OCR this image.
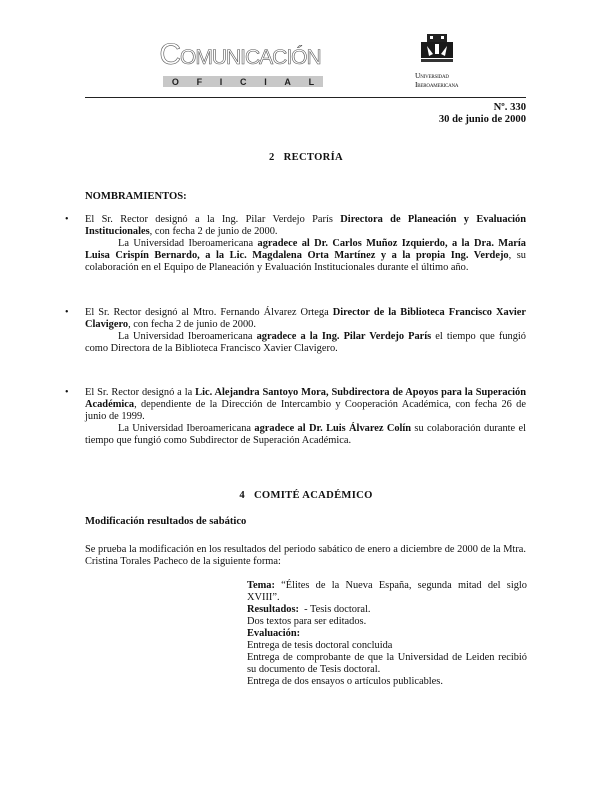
Comunicación
O F I C I A L
Universidad
Iberoamericana
Nº. 330
30 de junio de 2000
2 RECTORÍA
NOMBRAMIENTOS:
• El Sr. Rector designó a la Ing. Pilar Verdejo París Directora de Planeación y Evaluación Institucionales, con fecha 2 de junio de 2000.

La Universidad Iberoamericana agradece al Dr. Carlos Muñoz Izquierdo, a la Dra. María Luisa Crispín Bernardo, a la Lic. Magdalena Orta Martínez y a la propia Ing. Verdejo, su colaboración en el Equipo de Planeación y Evaluación Institucionales durante el último año.

• El Sr. Rector designó al Mtro. Fernando Álvarez Ortega Director de la Biblioteca Francisco Xavier Clavigero, con fecha 2 de junio de 2000.

La Universidad Iberoamericana agradece a la Ing. Pilar Verdejo París el tiempo que fungió como Directora de la Biblioteca Francisco Xavier Clavigero.

• El Sr. Rector designó a la Lic. Alejandra Santoyo Mora, Subdirectora de Apoyos para la Superación Académica, dependiente de la Dirección de Intercambio y Cooperación Académica, con fecha 26 de junio de 1999.

La Universidad Iberoamericana agradece al Dr. Luis Álvarez Colín su colaboración durante el tiempo que fungió como Subdirector de Superación Académica.

4 COMITÉ ACADÉMICO
Modificación resultados de sabático

Se prueba la modificación en los resultados del periodo sabático de enero a diciembre de 2000 de la Mtra. Cristina Torales Pacheco de la siguiente forma:

Tema: “Élites de la Nueva España, segunda mitad del siglo XVIII”.

Resultados:  - Tesis doctoral.

Dos textos para ser editados.

Evaluación:

Entrega de tesis doctoral concluida

Entrega de comprobante de que la Universidad de Leiden recibió su documento de Tesis doctoral.

Entrega de dos ensayos o artículos publicables.
